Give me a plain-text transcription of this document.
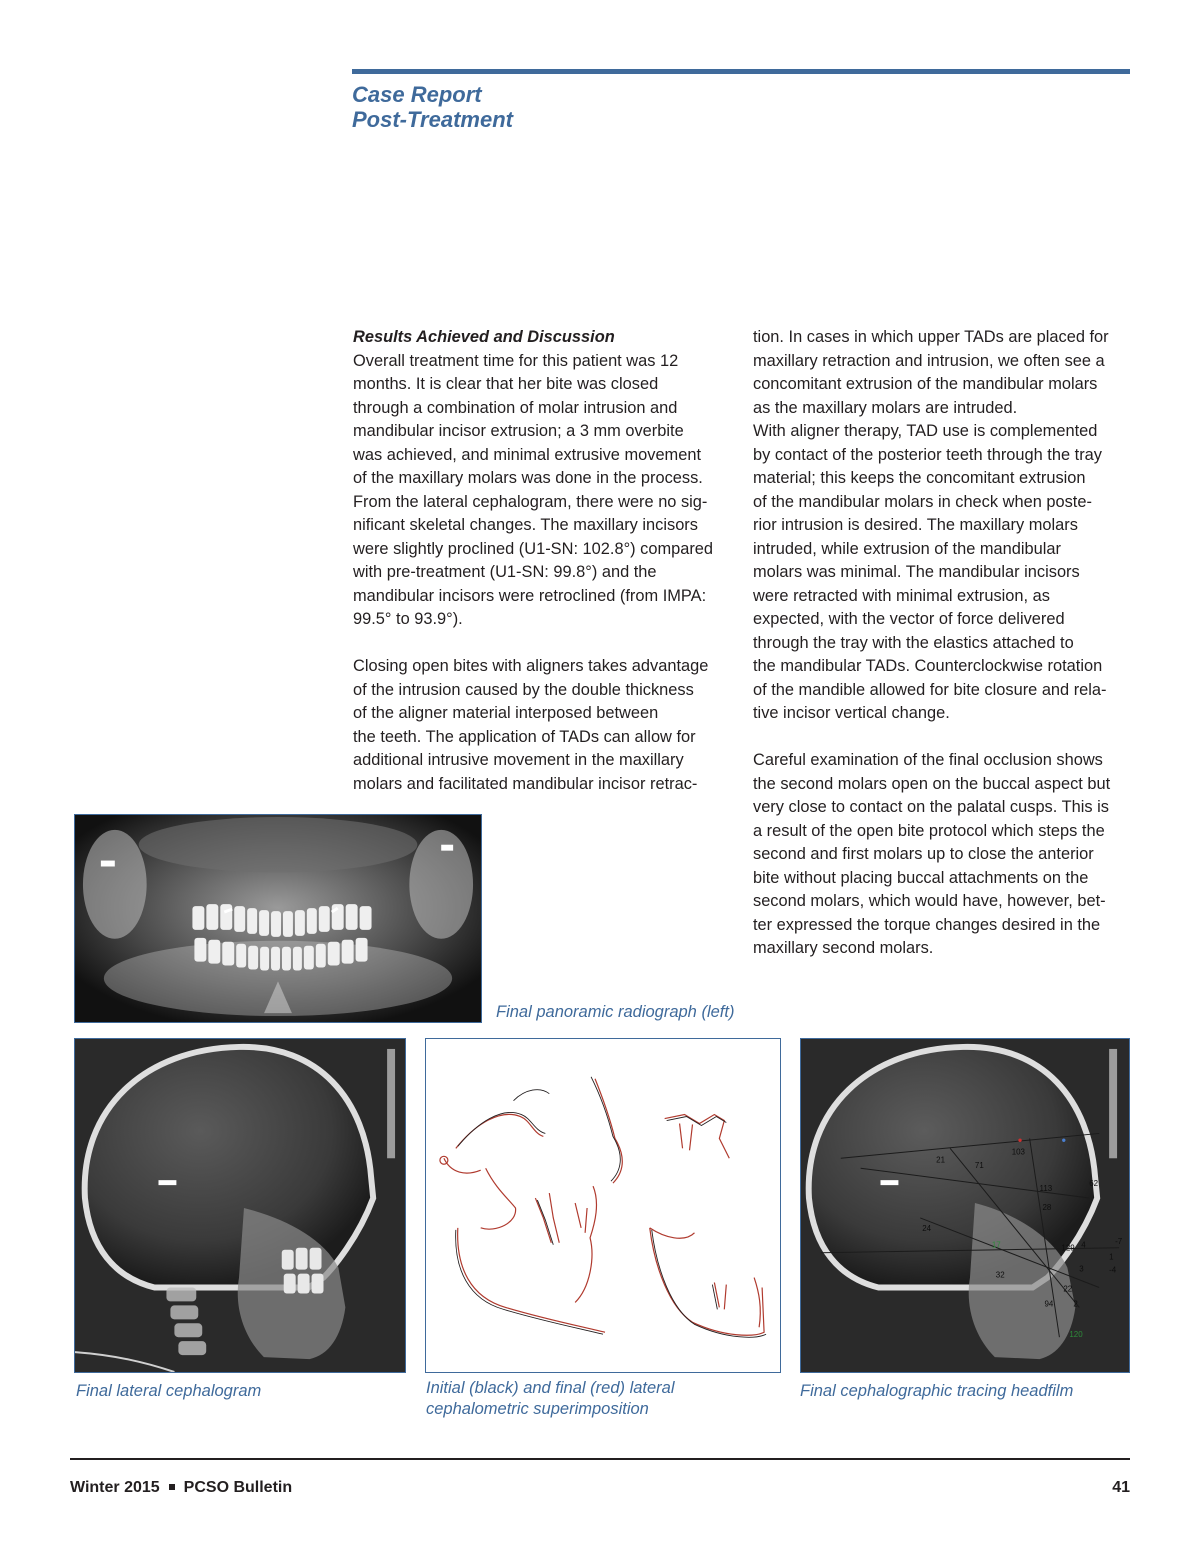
Case Report
Post-Treatment

Results Achieved and Discussion

Overall treatment time for this patient was 12

months. It is clear that her bite was closed

through a combination of molar intrusion and

mandibular incisor extrusion; a 3 mm overbite

was achieved, and minimal extrusive movement

of the maxillary molars was done in the process.

From the lateral cephalogram, there were no sig-

nificant skeletal changes. The maxillary incisors

were slightly proclined (U1-SN: 102.8°) compared

with pre-treatment (U1-SN: 99.8°) and the

mandibular incisors were retroclined (from IMPA:

99.5° to 93.9°).

Closing open bites with aligners takes advantage

of the intrusion caused by the double thickness

of the aligner material interposed between

the teeth. The application of TADs can allow for

additional intrusive movement in the maxillary

molars and facilitated mandibular incisor retrac-

tion. In cases in which upper TADs are placed for

maxillary retraction and intrusion, we often see a

concomitant extrusion of the mandibular molars

as the maxillary molars are intruded.

With aligner therapy, TAD use is complemented

by contact of the posterior teeth through the tray

material; this keeps the concomitant extrusion

of the mandibular molars in check when poste-

rior intrusion is desired. The maxillary molars

intruded, while extrusion of the mandibular

molars was minimal. The mandibular incisors

were retracted with minimal extrusion, as

expected, with the vector of force delivered

through the tray with the elastics attached to

the mandibular TADs. Counterclockwise rotation

of the mandible allowed for bite closure and rela-

tive incisor vertical change.

Careful examination of the final occlusion shows

the second molars open on the buccal aspect but

very close to contact on the palatal cusps. This is

a result of the open bite protocol which steps the

second and first molars up to close the anterior

bite without placing buccal attachments on the

second molars, which would have, however, bet-

ter expressed the torque changes desired in the

maxillary second molars.

Final panoramic radiograph (left)
Final lateral cephalogram	Initial (black) and final (red) lateral
cephalometric superimposition
103
21
71
113
28
62
24
17	129
32
22
94
3
2
120
-7
-4
1
4
●	●
Final cephalographic tracing headfilm
Winter 2015 PCSO Bulletin	41
